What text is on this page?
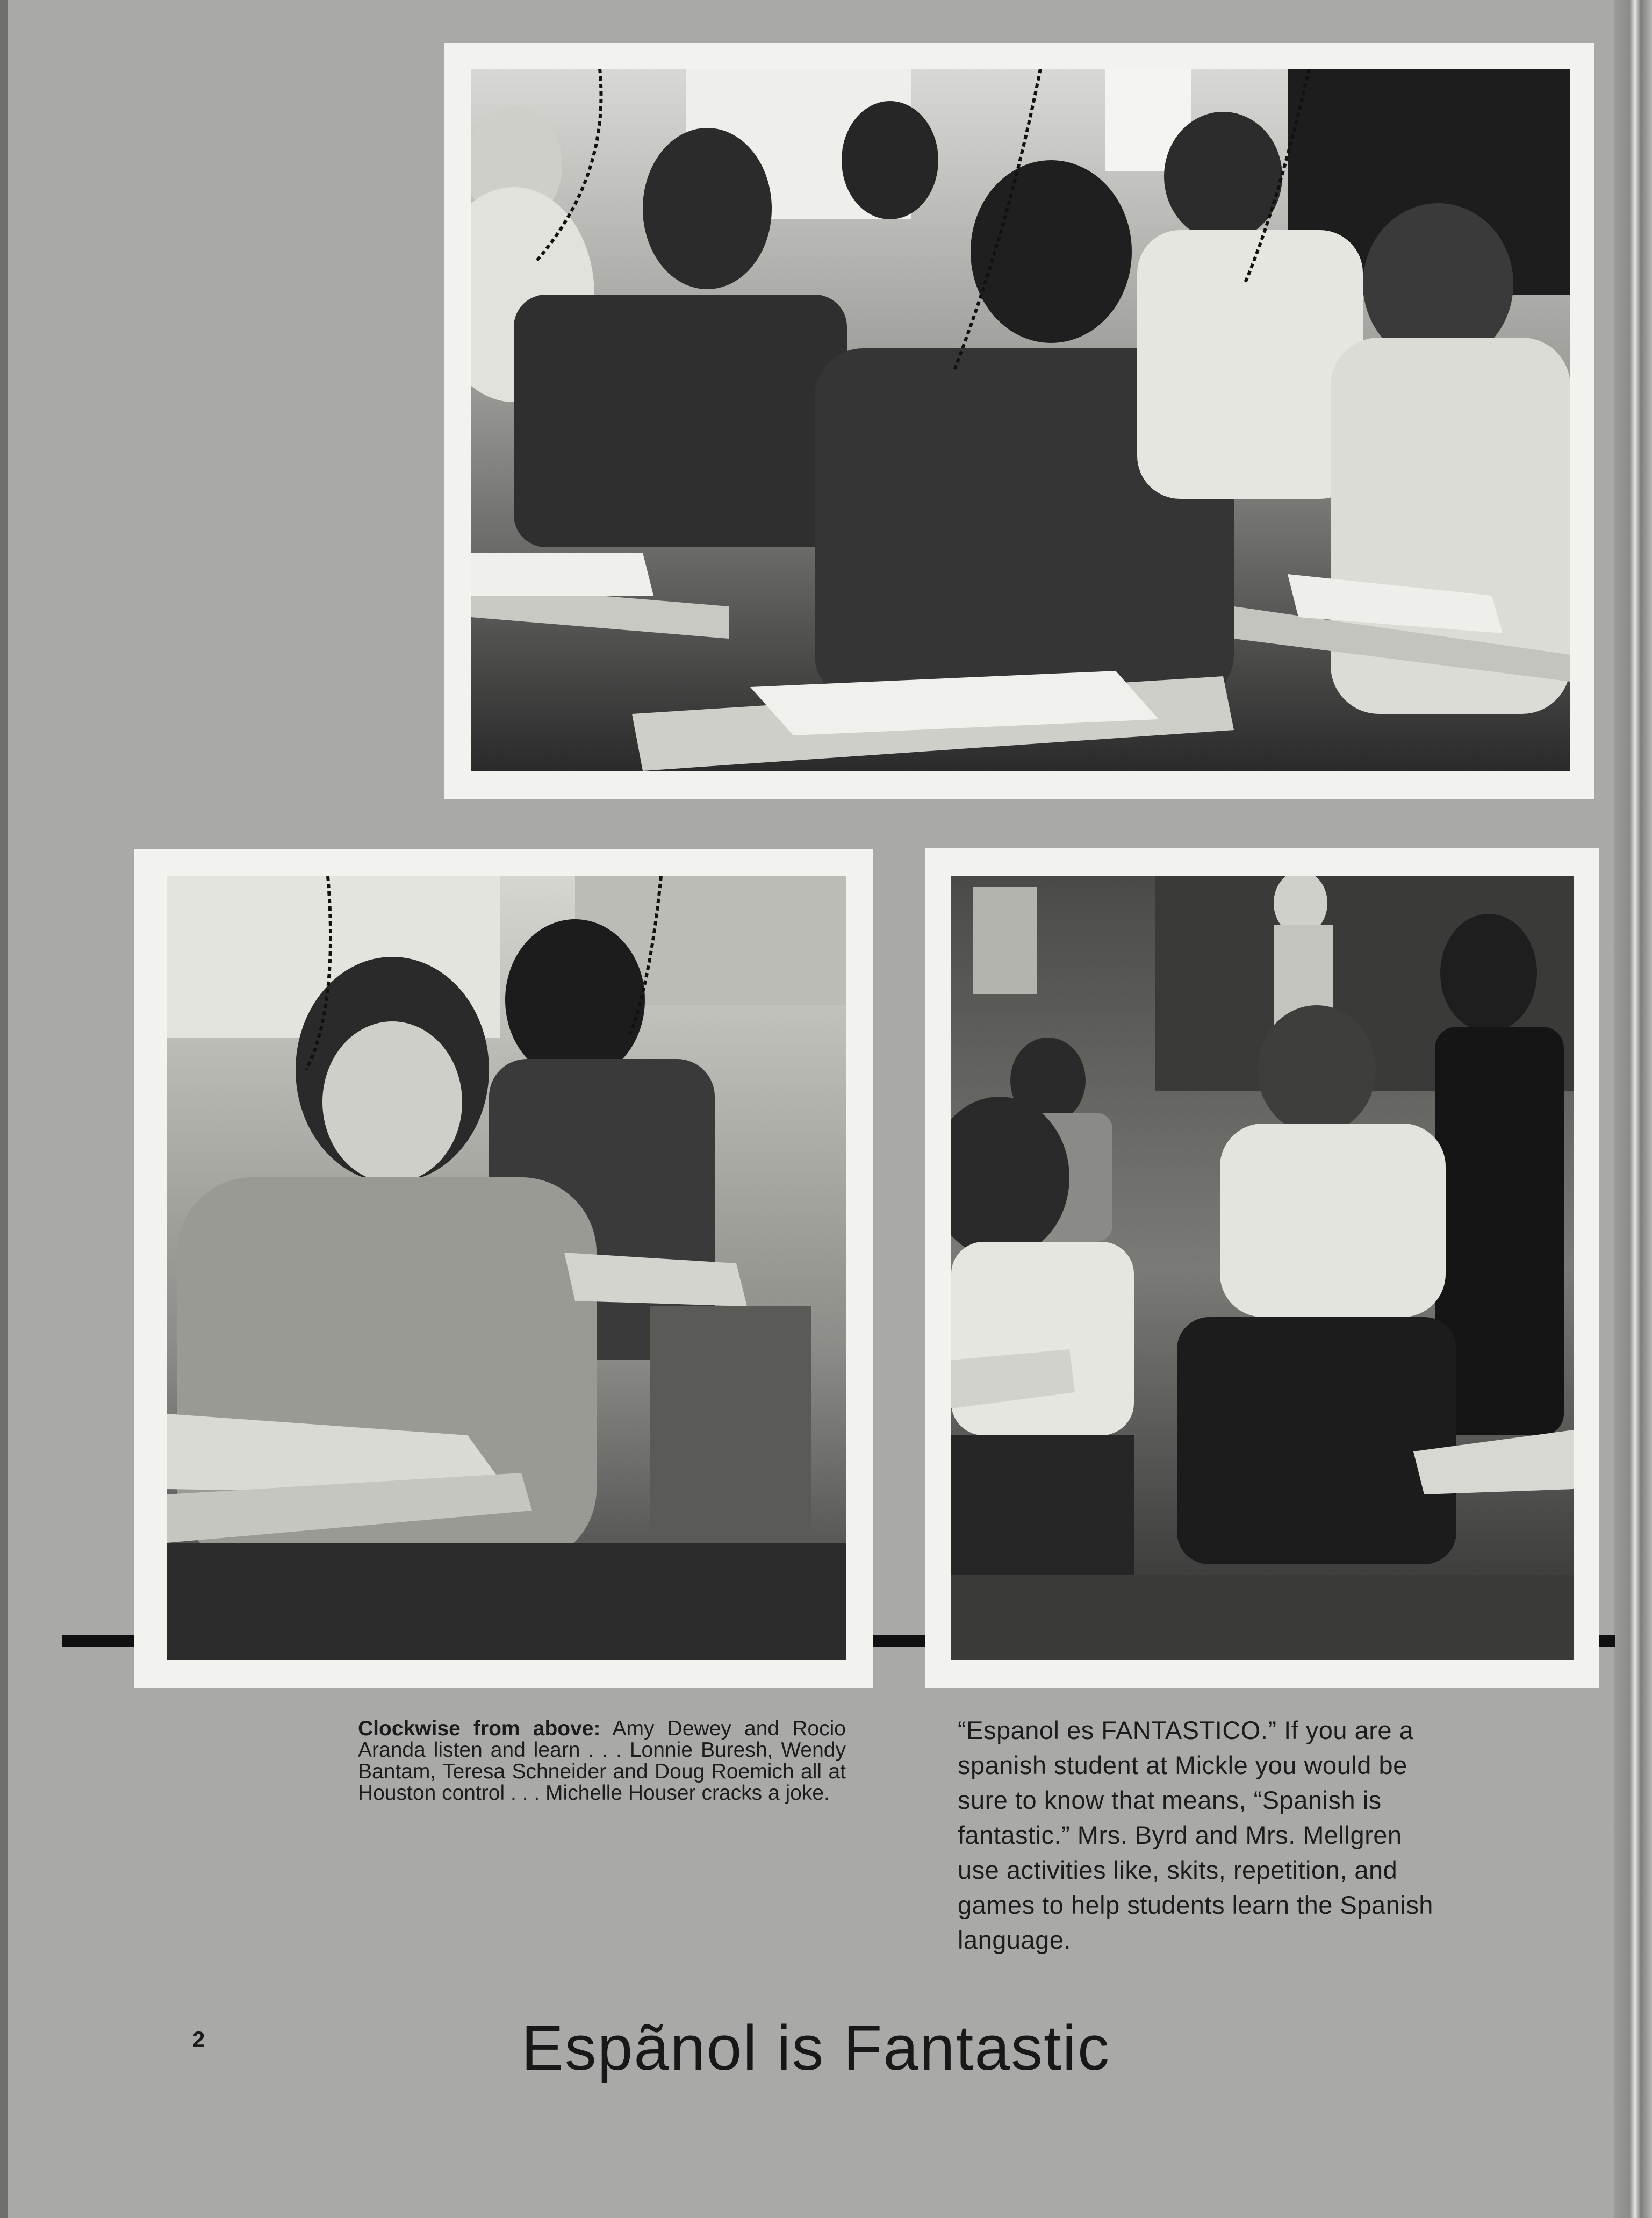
Clockwise from above: Amy Dewey and Rocio Aranda listen and learn . . . Lonnie Buresh, Wendy Bantam, Teresa Schneider and Doug Roemich all at Houston control . . . Michelle Houser cracks a joke.
“Espanol es FANTASTICO.” If you are a spanish student at Mickle you would be sure to know that means, “Spanish is fantastic.” Mrs. Byrd and Mrs. Mellgren use activities like, skits, repetition, and games to help students learn the Spanish language.
2	Espãnol is Fantastic
